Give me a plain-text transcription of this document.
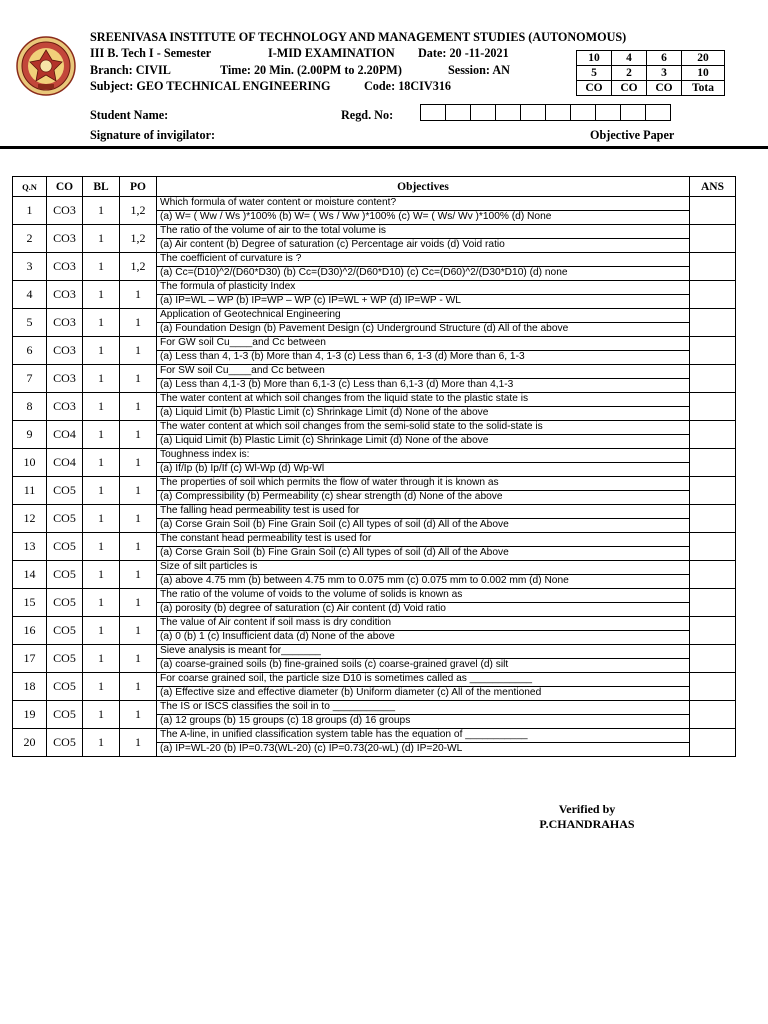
SREENIVASA INSTITUTE OF TECHNOLOGY AND MANAGEMENT STUDIES (AUTONOMOUS)
III B. Tech I - Semester	I-MID EXAMINATION Date: 20 -11-2021
Branch: CIVIL	Time: 20 Min. (2.00PM to 2.20PM)	Session: AN
Subject: GEO TECHNICAL ENGINEERING	Code: 18CIV316
10	4	6	20
5	2	3	10
CO	CO	CO	Tota
Student Name:	Regd. No:

Signature of invigilator:	Objective Paper
Q.N	CO	BL	PO	Objectives	ANS
1	CO3	1	1,2	Which formula of water content or moisture content?	
				(a) W= ( Ww / Ws )*100% (b) W= ( Ws / Ww )*100% (c) W= ( Ws/ Wv )*100% (d) None	
2	CO3	1	1,2	The ratio of the volume of air to the total volume is	
				(a) Air content (b) Degree of saturation (c) Percentage air voids (d) Void ratio	
3	CO3	1	1,2	The coefficient of curvature is ?	
				(a) Cc=(D10)^2/(D60*D30) (b) Cc=(D30)^2/(D60*D10) (c) Cc=(D60)^2/(D30*D10) (d) none	
4	CO3	1	1	The formula of plasticity Index	
				(a) IP=WL – WP (b) IP=WP – WP (c) IP=WL + WP (d) IP=WP - WL	
5	CO3	1	1	Application of Geotechnical Engineering	
				(a) Foundation Design (b) Pavement Design (c) Underground Structure (d) All of the above	
6	CO3	1	1	For GW soil Cu____and Cc between	
				(a) Less than 4, 1-3 (b) More than 4, 1-3 (c) Less than 6, 1-3 (d) More than 6, 1-3	
7	CO3	1	1	For SW soil Cu____and Cc between	
				(a) Less than 4,1-3 (b) More than 6,1-3 (c) Less than 6,1-3 (d) More than 4,1-3	
8	CO3	1	1	The water content at which soil changes from the liquid state to the plastic state is	
				(a) Liquid Limit (b) Plastic Limit (c) Shrinkage Limit (d) None of the above	
9	CO4	1	1	The water content at which soil changes from the semi-solid state to the solid-state is	
				(a) Liquid Limit (b) Plastic Limit (c) Shrinkage Limit (d) None of the above	
10	CO4	1	1	Toughness index is:	
				(a) If/Ip (b) Ip/If (c) Wl-Wp (d) Wp-Wl	
11	CO5	1	1	The properties of soil which permits the flow of water through it is known as	
				(a) Compressibility (b) Permeability (c) shear strength (d) None of the above	
12	CO5	1	1	The falling head permeability test is used for	
				(a) Corse Grain Soil (b) Fine Grain Soil (c) All types of soil (d) All of the Above	
13	CO5	1	1	The constant head permeability test is used for	
				(a) Corse Grain Soil (b) Fine Grain Soil (c) All types of soil (d) All of the Above	
14	CO5	1	1	Size of silt particles is	
				(a) above 4.75 mm (b) between 4.75 mm to 0.075 mm (c) 0.075 mm to 0.002 mm (d) None	
15	CO5	1	1	The ratio of the volume of voids to the volume of solids is known as	
				(a) porosity (b) degree of saturation (c) Air content (d) Void ratio	
16	CO5	1	1	The value of Air content if soil mass is dry condition	
				(a) 0 (b) 1 (c) Insufficient data (d) None of the above	
17	CO5	1	1	Sieve analysis is meant for_______	
				(a) coarse-grained soils (b) fine-grained soils (c) coarse-grained gravel (d) silt	
18	CO5	1	1	For coarse grained soil, the particle size D10 is sometimes called as ___________	
				(a) Effective size and effective diameter (b) Uniform diameter (c) All of the mentioned	
19	CO5	1	1	The IS or ISCS classifies the soil in to ___________	
				(a) 12 groups (b) 15 groups (c) 18 groups (d) 16 groups	
20	CO5	1	1	The A-line, in unified classification system table has the equation of ___________	
				(a) IP=WL-20 (b) IP=0.73(WL-20) (c) IP=0.73(20-wL) (d) IP=20-WL	
Verified by
P.CHANDRAHAS
